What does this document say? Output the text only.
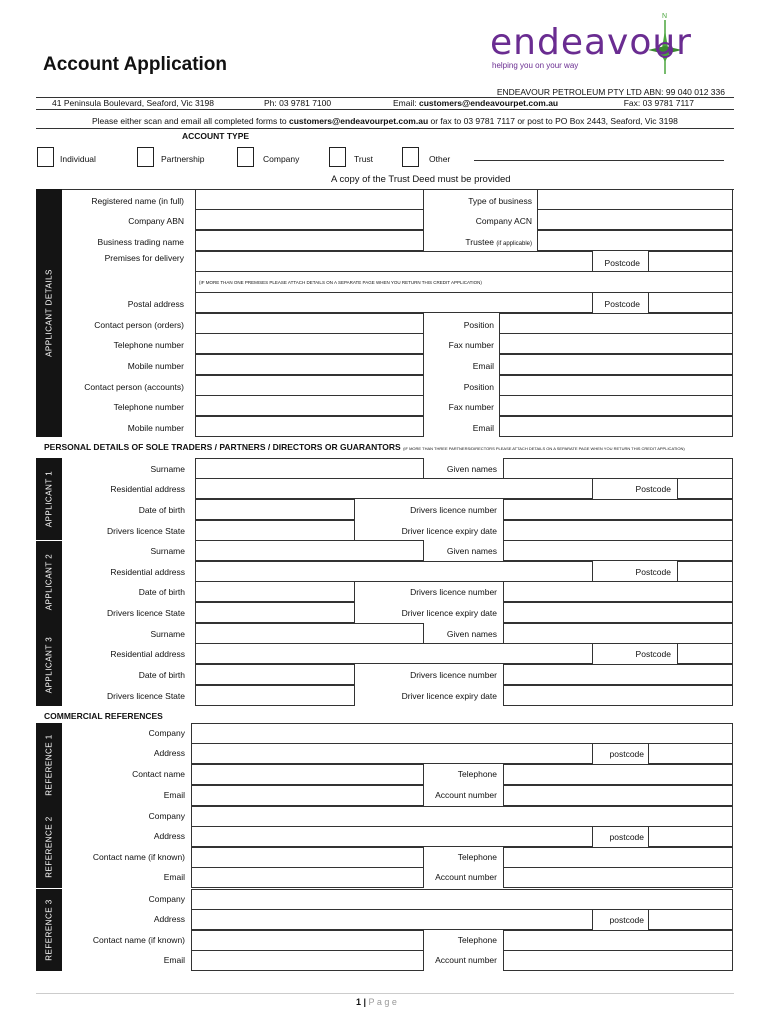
Account Application
N
endeavour
helping you on your way
ENDEAVOUR PETROLEUM PTY LTD ABN: 99 040 012 336
41 Peninsula Boulevard, Seaford, Vic 3198	Ph: 03 9781 7100	Email: customers@endeavourpet.com.au	Fax: 03 9781 7117
Please either scan and email all completed forms to customers@endeavourpet.com.au or fax to 03 9781 7117 or post to PO Box 2443, Seaford, Vic 3198
ACCOUNT TYPE
Individual	Partnership	Company	Trust	Other
A copy of the Trust Deed must be provided
APPLICANT DETAILS
Registered name (in full)	Type of business
Company ABN	Company ACN
Business trading name	Trustee (if applicable)
Premises for delivery	Postcode
(IF MORE THAN ONE PREMISES PLEASE ATTACH DETAILS ON A SEPARATE PAGE WHEN YOU RETURN THIS CREDIT APPLICATION)
Postal address	Postcode
Contact person (orders)	Position
Telephone number	Fax number
Mobile number	Email
Contact person (accounts)	Position
Telephone number	Fax number
Mobile number	Email
PERSONAL DETAILS OF SOLE TRADERS / PARTNERS / DIRECTORS OR GUARANTORS (IF MORE THAN THREE PARTNERS/DIRECTORS PLEASE ATTACH DETAILS ON A SEPARATE PAGE WHEN YOU RETURN THIS CREDIT APPLICATION)
APPLICANT 1
Surname	Given names
Residential address	Postcode
Date of birth	Drivers licence number
Drivers licence State	Driver licence expiry date
APPLICANT 2
Surname	Given names
Residential address	Postcode
Date of birth	Drivers licence number
Drivers licence State	Driver licence expiry date
APPLICANT 3
Surname	Given names
Residential address	Postcode
Date of birth	Drivers licence number
Drivers licence State	Driver licence expiry date
COMMERCIAL REFERENCES
REFERENCE 1
Company
Address	postcode
Contact name	Telephone
Email	Account number
REFERENCE 2
Company
Address	postcode
Contact name (if known)	Telephone
Email	Account number
REFERENCE 3
Company
Address	postcode
Contact name (if known)	Telephone
Email	Account number
1 | P a g e
